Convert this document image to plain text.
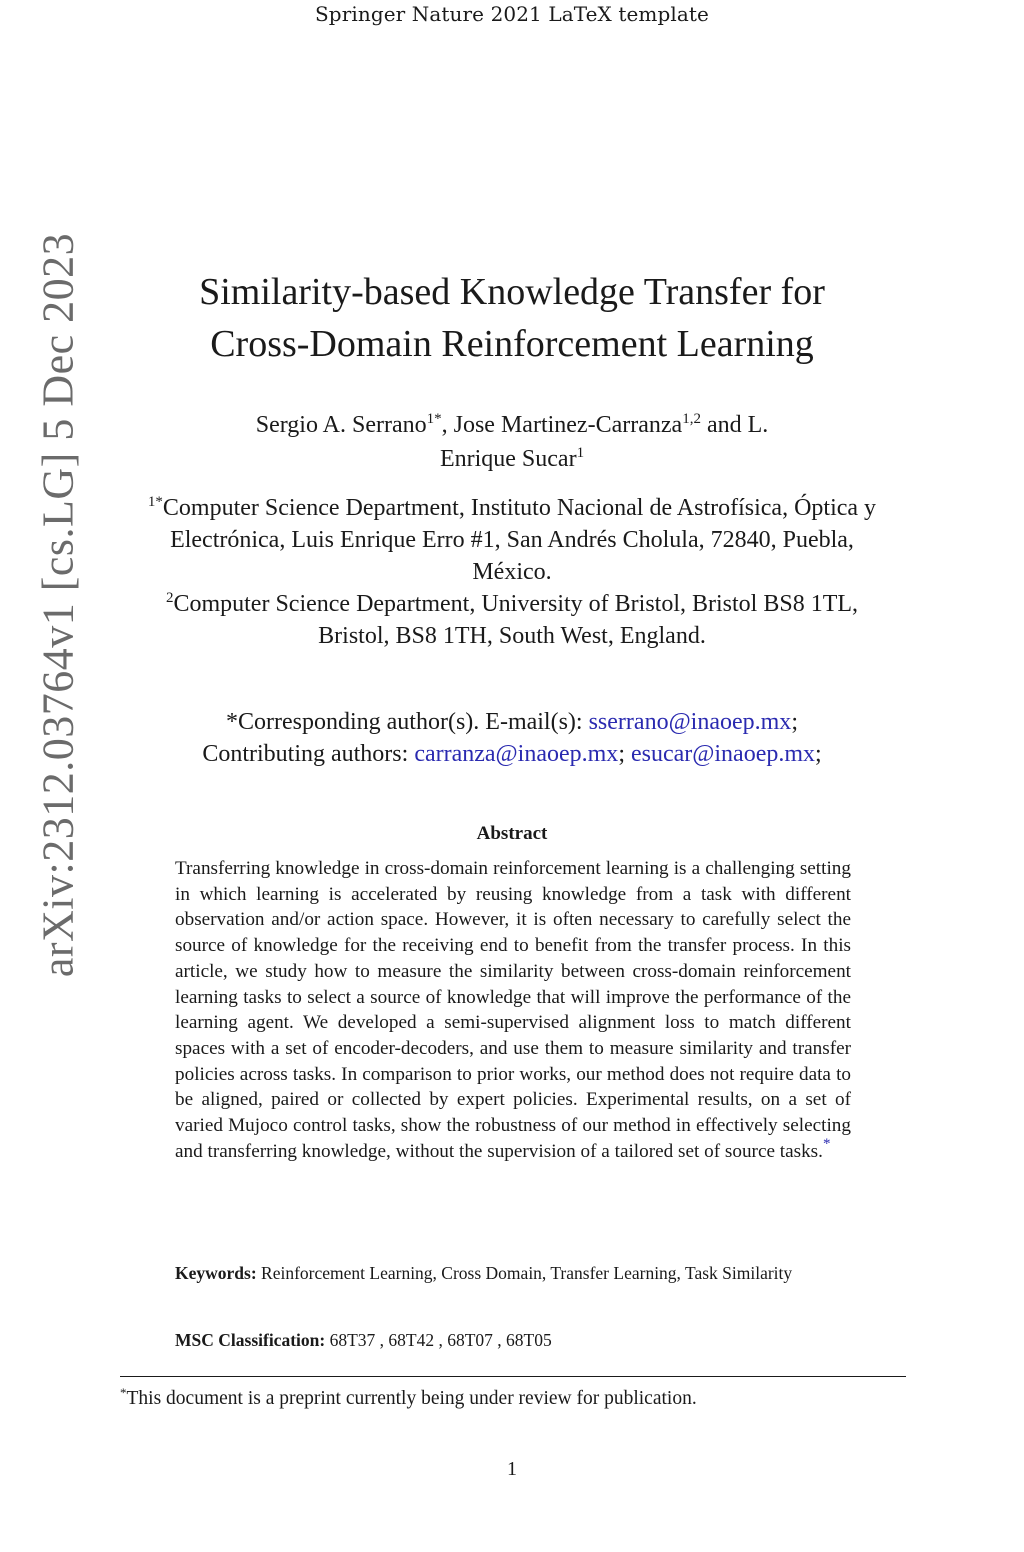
Springer Nature 2021 LaTeX template
arXiv:2312.03764v1 [cs.LG] 5 Dec 2023	Similarity-based Knowledge Transfer for
Cross-Domain Reinforcement Learning
Sergio A. Serrano$^{1*}$, Jose Martinez-Carranza$^{1,2}$ and L.
Enrique Sucar$^1$

$^{1*}$Computer Science Department, Instituto Nacional de Astrofísica, Óptica y Electrónica, Luis Enrique Erro #1, San Andrés Cholula, 72840, Puebla, México.

$^2$Computer Science Department, University of Bristol, Bristol BS8 1TL, Bristol, BS8 1TH, South West, England.

*Corresponding author(s). E-mail(s): sserrano@inaoep.mx;

Contributing authors: carranza@inaoep.mx; esucar@inaoep.mx;

Abstract

Transferring knowledge in cross-domain reinforcement learning is a challenging setting in which learning is accelerated by reusing knowledge from a task with different observation and/or action space. However, it is often necessary to carefully select the source of knowledge for the receiving end to benefit from the transfer process. In this article, we study how to measure the similarity between cross-domain reinforcement learning tasks to select a source of knowledge that will improve the performance of the learning agent. We developed a semi-supervised alignment loss to match different spaces with a set of encoder-decoders, and use them to measure similarity and transfer policies across tasks. In comparison to prior works, our method does not require data to be aligned, paired or collected by expert policies. Experimental results, on a set of varied Mujoco control tasks, show the robustness of our method in effectively selecting and transferring knowledge, without the supervision of a tailored set of source tasks.*

Keywords: Reinforcement Learning, Cross Domain, Transfer Learning, Task Similarity

MSC Classification: 68T37 , 68T42 , 68T07 , 68T05

*This document is a preprint currently being under review for publication.

1
